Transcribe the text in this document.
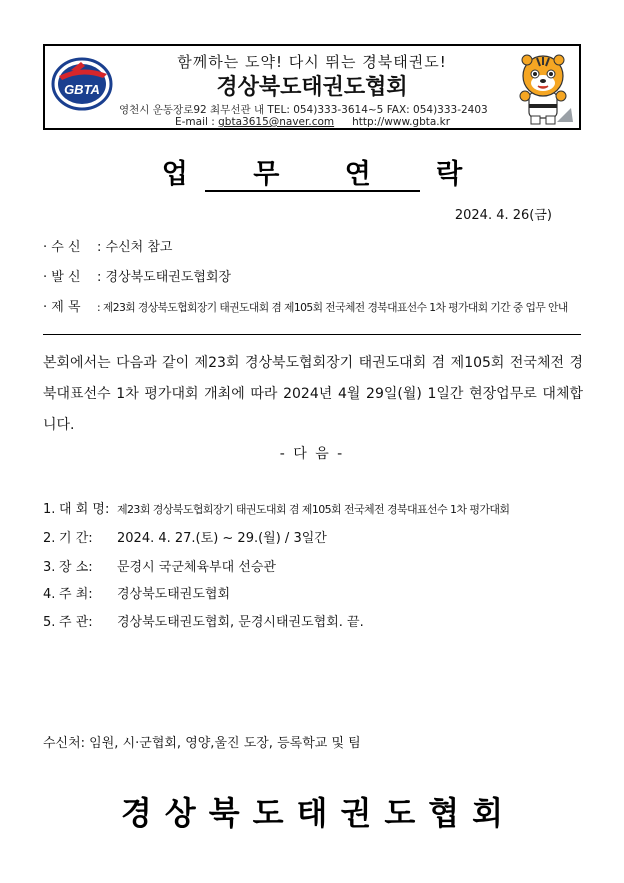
GBTA
함께하는 도약! 다시 뛰는 경북태권도!
경상북도태권도협회
영천시 운동장로92 최무선관 내 TEL: 054)333-3614~5 FAX: 054)333-2403
E-mail : gbta3615@naver.com http://www.gbta.kr
업 무 연 락
2024. 4. 26(금)
· 수 신 : 수신처 참고
· 발 신 : 경상북도태권도협회장
· 제 목 : 제23회 경상북도협회장기 태권도대회 겸 제105회 전국체전 경북대표선수 1차 평가대회 기간 중 업무 안내
본회에서는 다음과 같이 제23회 경상북도협회장기 태권도대회 겸 제105회 전국체전 경북대표선수 1차 평가대회 개최에 따라 2024년 4월 29일(월) 1일간 현장업무로 대체합니다.
- 다 음 -
1. 대 회 명: 제23회 경상북도협회장기 태권도대회 겸 제105회 전국체전 경북대표선수 1차 평가대회
2. 기 간: 2024. 4. 27.(토) ~ 29.(월) / 3일간
3. 장 소: 문경시 국군체육부대 선승관
4. 주 최: 경상북도태권도협회
5. 주 관: 경상북도태권도협회, 문경시태권도협회. 끝.
수신처: 임원, 시·군협회, 영양,울진 도장, 등록학교 및 팀
경상북도태권도협회
